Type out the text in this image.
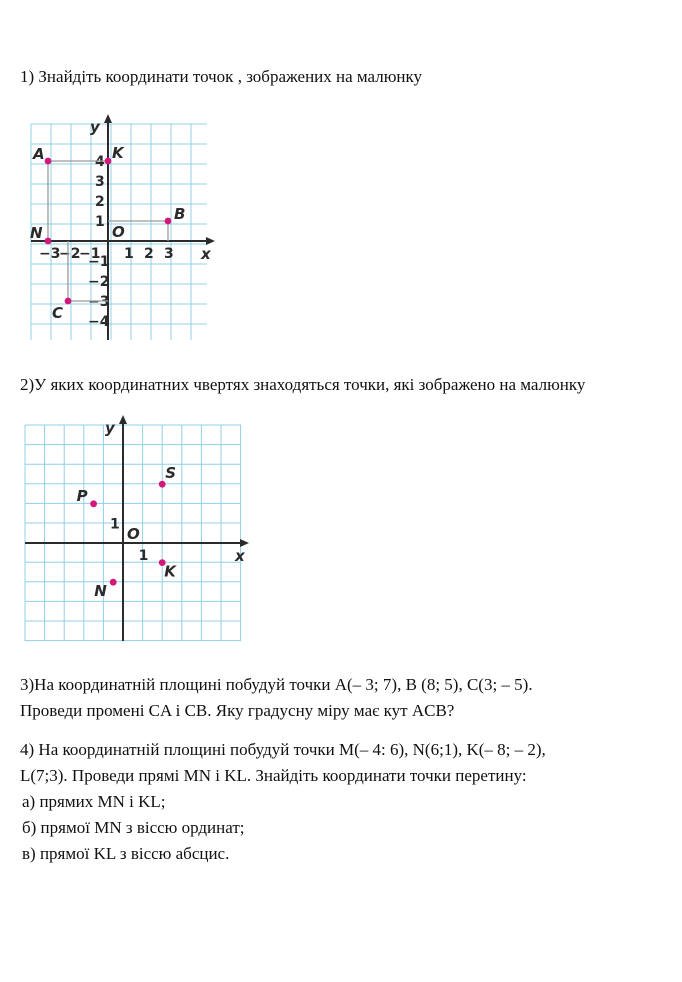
1) Знайдіть координати точок , зображених на малюнку
x
y
O
−3
−2
−1 1 2 3
4
3
2
1
−1
−2
−3
−4
A	K
B
N
C
2)У яких координатних чвертях знаходяться точки, які зображено на малюнку
x
y
O
1
1
P
S
K
N
3)На координатній площині побудуй точки A(– 3; 7), B (8; 5), C(3; – 5).
Проведи промені CA і CB. Яку градусну міру має кут ACB?
4) На координатній площині побудуй точки M(– 4: 6), N(6;1), K(– 8; – 2),
L(7;3). Проведи прямі MN і KL. Знайдіть координати точки перетину:
а) прямих MN і KL;
б) прямої MN з віссю ординат;
в) прямої KL з віссю абсцис.
